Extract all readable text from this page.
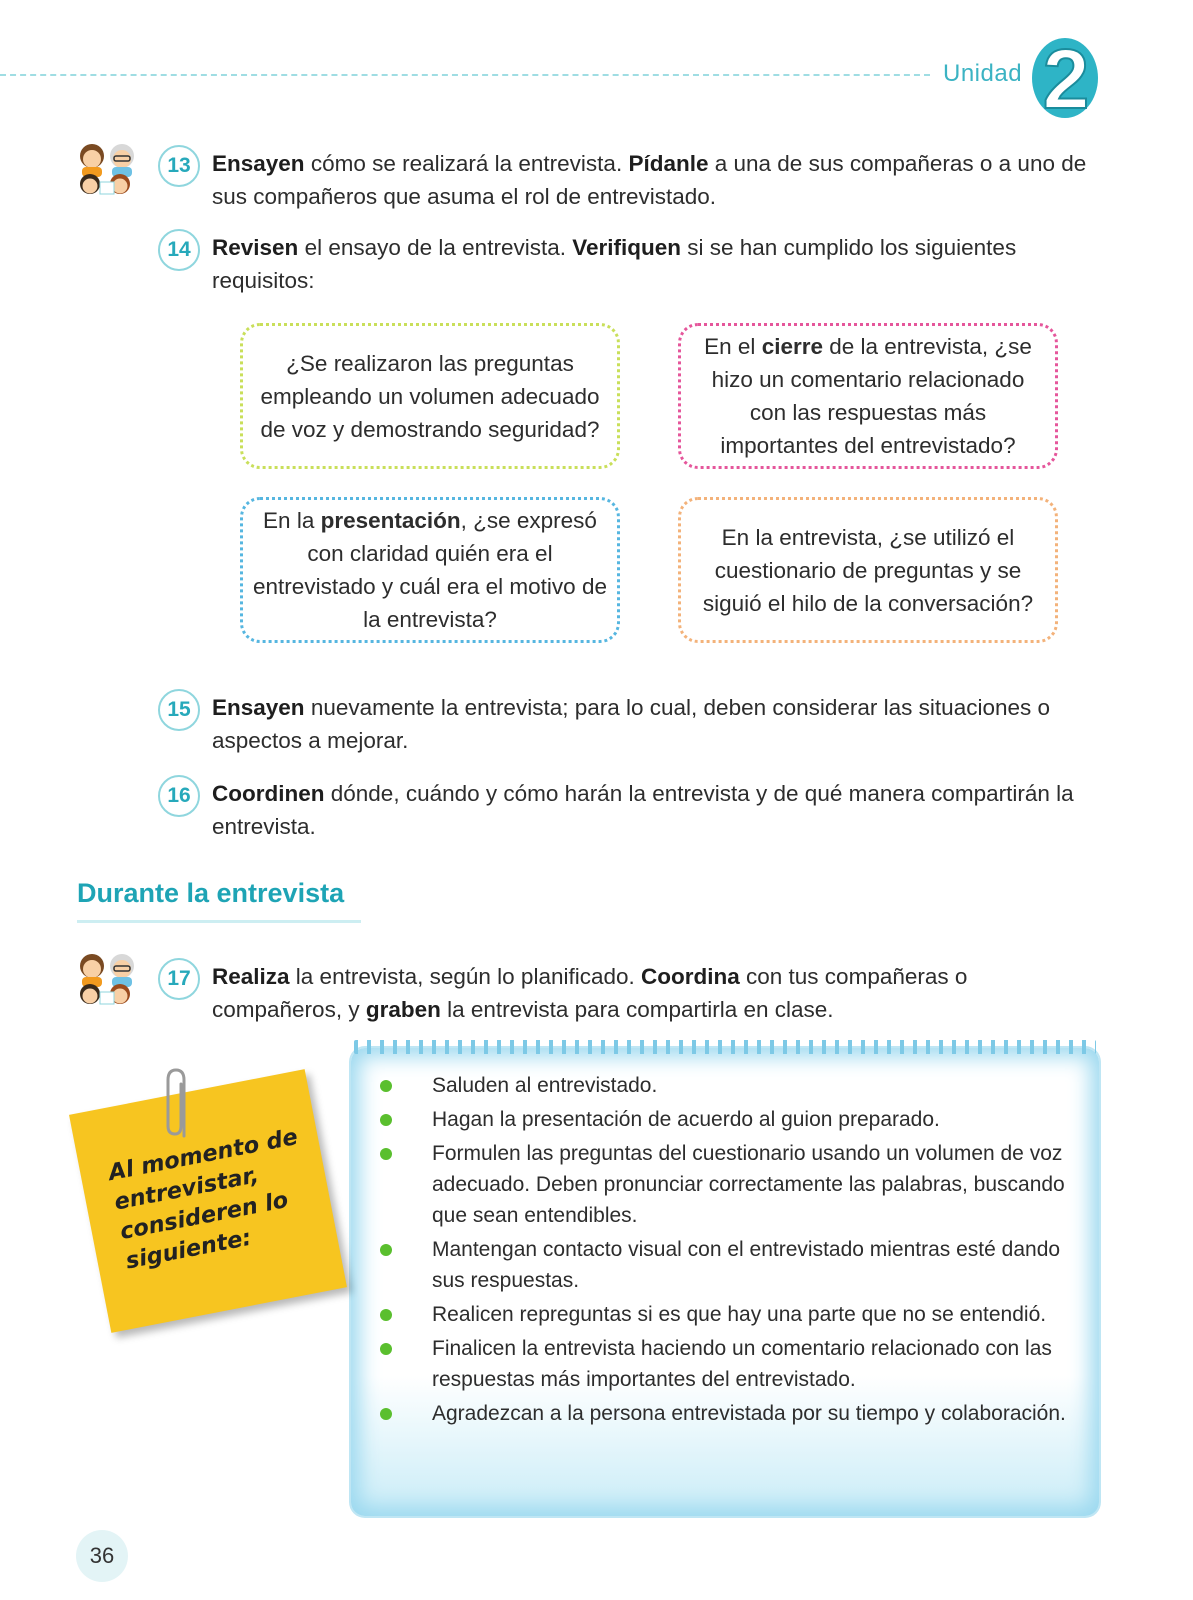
Unidad 2
13 Ensayen cómo se realizará la entrevista. Pídanle a una de sus compañeras o a uno de sus compañeros que asuma el rol de entrevistado.
14 Revisen el ensayo de la entrevista. Verifiquen si se han cumplido los siguientes requisitos:
¿Se realizaron las preguntas empleando un volumen adecuado de voz y demostrando seguridad?
En el cierre de la entrevista, ¿se hizo un comentario relacionado con las respuestas más importantes del entrevistado?
En la presentación, ¿se expresó con claridad quién era el entrevistado y cuál era el motivo de la entrevista?
En la entrevista, ¿se utilizó el cuestionario de preguntas y se siguió el hilo de la conversación?
15 Ensayen nuevamente la entrevista; para lo cual, deben considerar las situaciones o aspectos a mejorar.
16 Coordinen dónde, cuándo y cómo harán la entrevista y de qué manera compartirán la entrevista.
Durante la entrevista
17 Realiza la entrevista, según lo planificado. Coordina con tus compañeras o compañeros, y graben la entrevista para compartirla en clase.
Al momento de entrevistar, consideren lo siguiente:
Saluden al entrevistado.
Hagan la presentación de acuerdo al guion preparado.
Formulen las preguntas del cuestionario usando un volumen de voz adecuado. Deben pronunciar correctamente las palabras, buscando que sean entendibles.
Mantengan contacto visual con el entrevistado mientras esté dando sus respuestas.
Realicen repreguntas si es que hay una parte que no se entendió.
Finalicen la entrevista haciendo un comentario relacionado con las respuestas más importantes del entrevistado.
Agradezcan a la persona entrevistada por su tiempo y colaboración.
36
